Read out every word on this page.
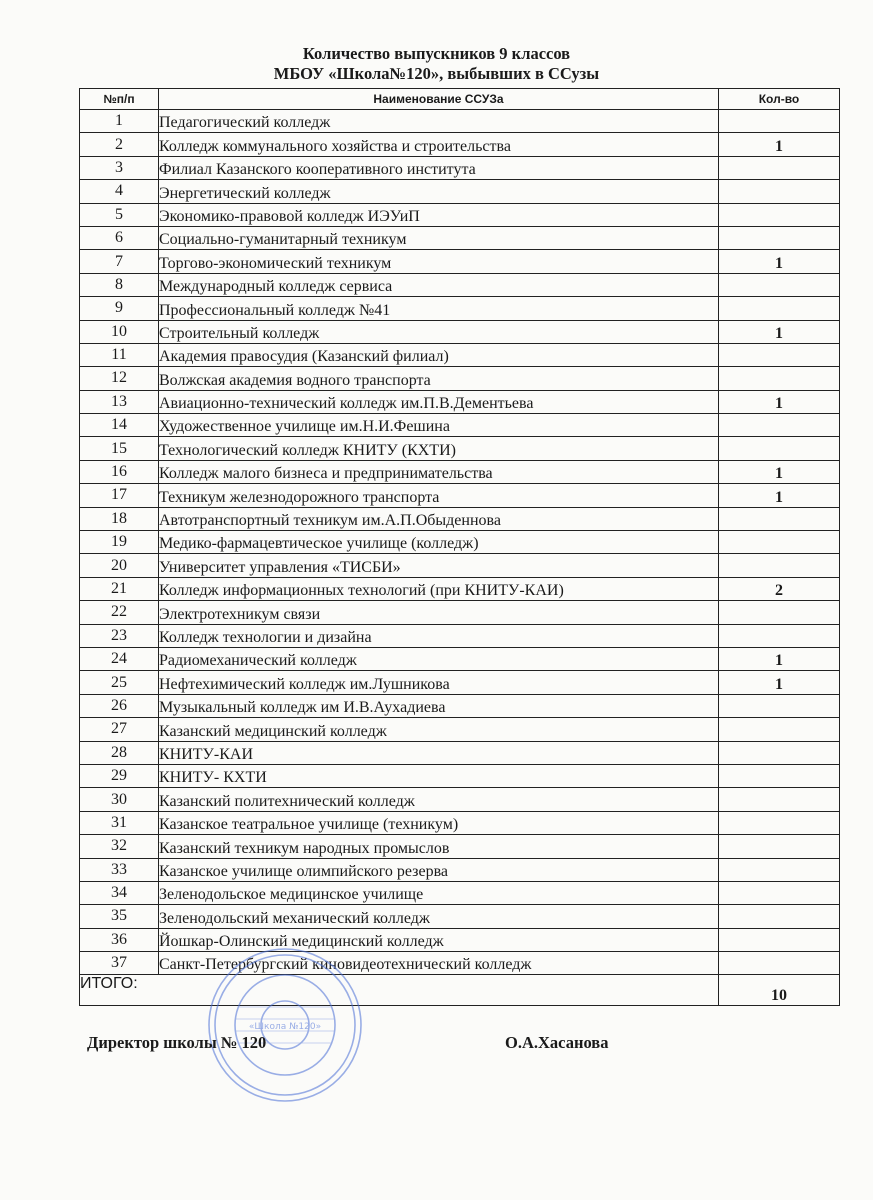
Количество выпускников 9 классов
МБОУ «Школа№120», выбывших в ССузы
№п/п	Наименование ССУЗа	Кол-во
1	Педагогический колледж	
2	Колледж коммунального хозяйства и строительства	1
3	Филиал Казанского кооперативного института	
4	Энергетический колледж	
5	Экономико-правовой колледж ИЭУиП	
6	Социально-гуманитарный техникум	
7	Торгово-экономический техникум	1
8	Международный колледж сервиса	
9	Профессиональный колледж №41	
10	Строительный колледж	1
11	Академия правосудия (Казанский филиал)	
12	Волжская академия водного транспорта	
13	Авиационно-технический колледж им.П.В.Дементьева	1
14	Художественное училище им.Н.И.Фешина	
15	Технологический колледж КНИТУ (КХТИ)	
16	Колледж малого бизнеса и предпринимательства	1
17	Техникум железнодорожного транспорта	1
18	Автотранспортный техникум им.А.П.Обыденнова	
19	Медико-фармацевтическое училище (колледж)	
20	Университет управления «ТИСБИ»	
21	Колледж информационных технологий (при КНИТУ-КАИ)	2
22	Электротехникум связи	
23	Колледж технологии и дизайна	
24	Радиомеханический колледж	1
25	Нефтехимический колледж им.Лушникова	1
26	Музыкальный колледж им И.В.Аухадиева	
27	Казанский медицинский колледж	
28	КНИТУ-КАИ	
29	КНИТУ- КХТИ	
30	Казанский политехнический колледж	
31	Казанское театральное училище (техникум)	
32	Казанский техникум народных промыслов	
33	Казанское училище олимпийского резерва	
34	Зеленодольское медицинское училище	
35	Зеленодольский механический колледж	
36	Йошкар-Олинский медицинский колледж	
37	Санкт-Петербургский киновидеотехнический колледж	
ИТОГО:		10
«Школа №120»
Директор школы № 120	О.А.Хасанова
